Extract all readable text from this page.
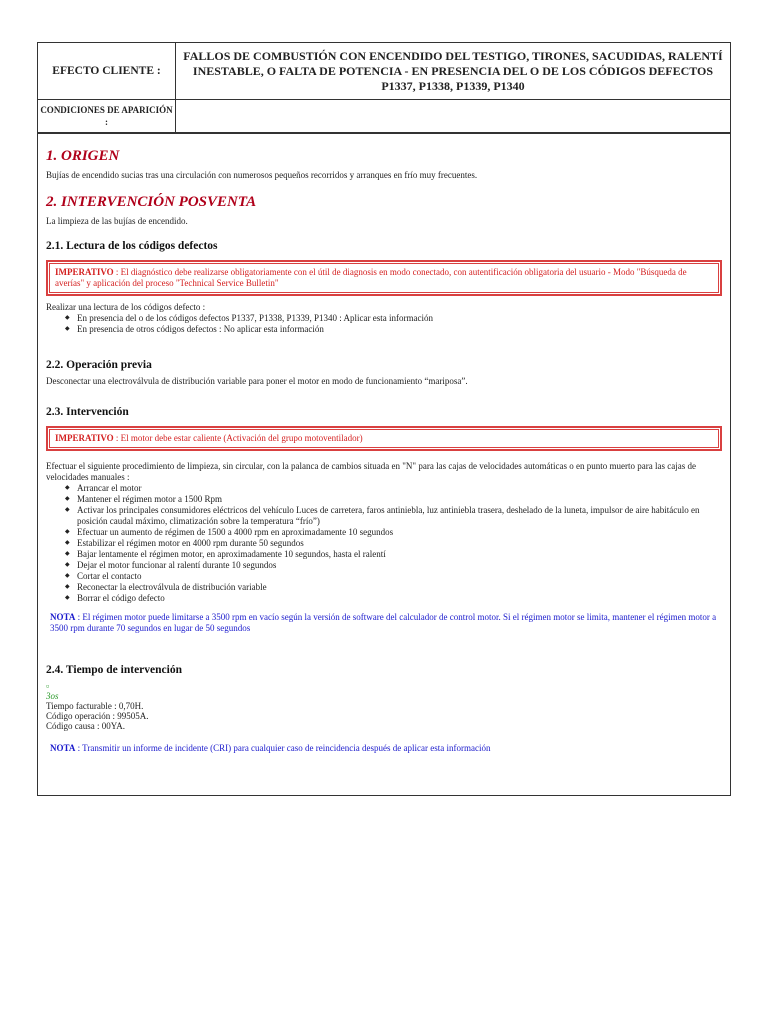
EFECTO CLIENTE :	FALLOS DE COMBUSTIÓN CON ENCENDIDO DEL TESTIGO, TIRONES, SACUDIDAS, RALENTÍ INESTABLE, O FALTA DE POTENCIA - EN PRESENCIA DEL O DE LOS CÓDIGOS DEFECTOS P1337, P1338, P1339, P1340
CONDICIONES DE APARICIÓN :	
1. ORIGEN

Bujías de encendido sucias tras una circulación con numerosos pequeños recorridos y arranques en frío muy frecuentes.

2. INTERVENCIÓN POSVENTA

La limpieza de las bujías de encendido.

2.1. Lectura de los códigos defectos
IMPERATIVO : El diagnóstico debe realizarse obligatoriamente con el útil de diagnosis en modo conectado, con autentificación obligatoria del usuario - Modo "Búsqueda de averías" y aplicación del proceso "Technical Service Bulletin"

Realizar una lectura de los códigos defecto :

◆ En presencia del o de los códigos defectos P1337, P1338, P1339, P1340 : Aplicar esta información
◆ En presencia de otros códigos defectos : No aplicar esta información
2.2. Operación previa

Desconectar una electroválvula de distribución variable para poner el motor en modo de funcionamiento “mariposa”.

2.3. Intervención
IMPERATIVO : El motor debe estar caliente (Activación del grupo motoventilador)

Efectuar el siguiente procedimiento de limpieza, sin circular, con la palanca de cambios situada en "N" para las cajas de velocidades automáticas o en punto muerto para las cajas de velocidades manuales :

◆ Arrancar el motor
◆ Mantener el régimen motor a 1500 Rpm
◆ Activar los principales consumidores eléctricos del vehículo Luces de carretera, faros antiniebla, luz antiniebla trasera, deshelado de la luneta, impulsor de aire habitáculo en posición caudal máximo, climatización sobre la temperatura “frío”)
◆ Efectuar un aumento de régimen de 1500 a 4000 rpm en aproximadamente 10 segundos
◆ Estabilizar el régimen motor en 4000 rpm durante 50 segundos
◆ Bajar lentamente el régimen motor, en aproximadamente 10 segundos, hasta el ralentí
◆ Dejar el motor funcionar al ralentí durante 10 segundos
◆ Cortar el contacto
◆ Reconectar la electroválvula de distribución variable
◆ Borrar el código defecto
NOTA : El régimen motor puede limitarse a 3500 rpm en vacío según la versión de software del calculador de control motor. Si el régimen motor se limita, mantener el régimen motor a 3500 rpm durante 70 segundos en lugar de 50 segundos
2.4. Tiempo de intervención
▫
3os

Tiempo facturable : 0,70H.

Código operación : 99505A.

Código causa : 00YA.

NOTA : Transmitir un informe de incidente (CRI) para cualquier caso de reincidencia después de aplicar esta información
